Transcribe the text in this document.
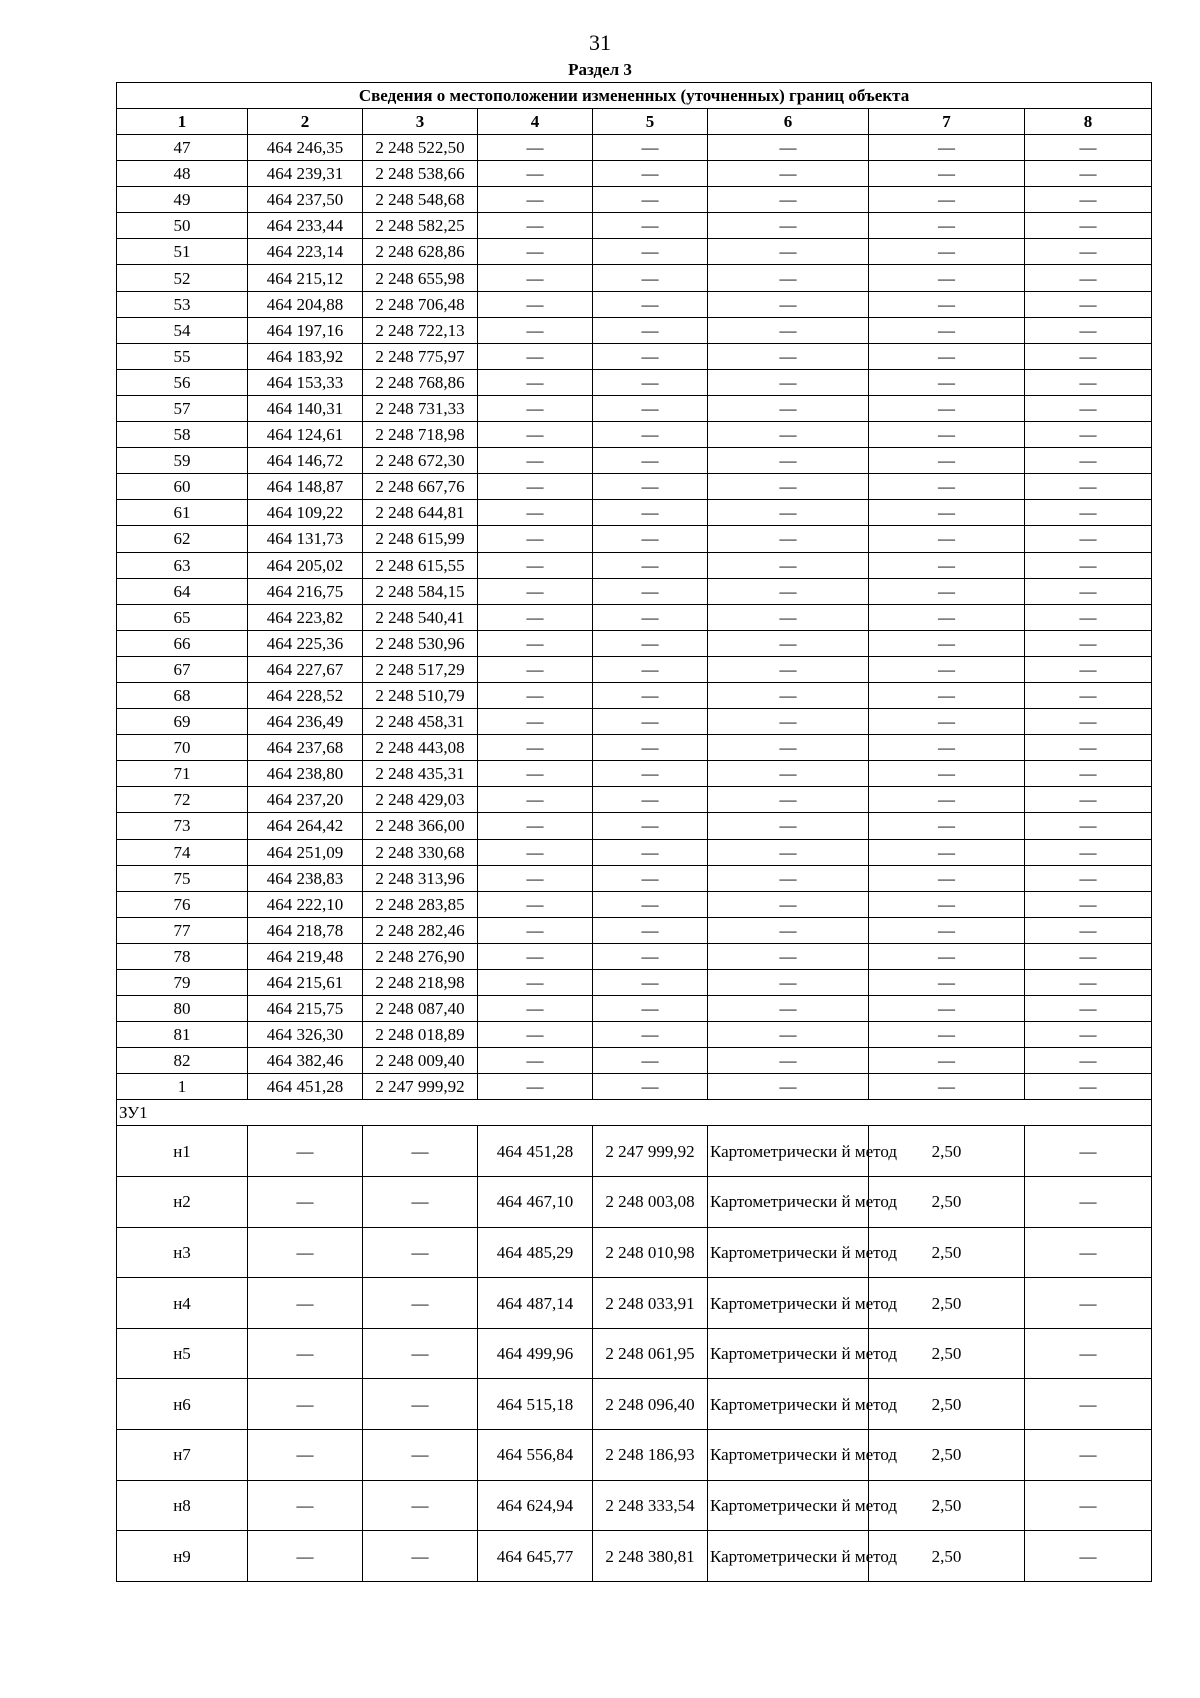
31
Раздел 3
Сведения о местоположении измененных (уточненных) границ объекта							
1	2	3	4	5	6	7	8
47	464 246,35	2 248 522,50	—	—	—	—	—
48	464 239,31	2 248 538,66	—	—	—	—	—
49	464 237,50	2 248 548,68	—	—	—	—	—
50	464 233,44	2 248 582,25	—	—	—	—	—
51	464 223,14	2 248 628,86	—	—	—	—	—
52	464 215,12	2 248 655,98	—	—	—	—	—
53	464 204,88	2 248 706,48	—	—	—	—	—
54	464 197,16	2 248 722,13	—	—	—	—	—
55	464 183,92	2 248 775,97	—	—	—	—	—
56	464 153,33	2 248 768,86	—	—	—	—	—
57	464 140,31	2 248 731,33	—	—	—	—	—
58	464 124,61	2 248 718,98	—	—	—	—	—
59	464 146,72	2 248 672,30	—	—	—	—	—
60	464 148,87	2 248 667,76	—	—	—	—	—
61	464 109,22	2 248 644,81	—	—	—	—	—
62	464 131,73	2 248 615,99	—	—	—	—	—
63	464 205,02	2 248 615,55	—	—	—	—	—
64	464 216,75	2 248 584,15	—	—	—	—	—
65	464 223,82	2 248 540,41	—	—	—	—	—
66	464 225,36	2 248 530,96	—	—	—	—	—
67	464 227,67	2 248 517,29	—	—	—	—	—
68	464 228,52	2 248 510,79	—	—	—	—	—
69	464 236,49	2 248 458,31	—	—	—	—	—
70	464 237,68	2 248 443,08	—	—	—	—	—
71	464 238,80	2 248 435,31	—	—	—	—	—
72	464 237,20	2 248 429,03	—	—	—	—	—
73	464 264,42	2 248 366,00	—	—	—	—	—
74	464 251,09	2 248 330,68	—	—	—	—	—
75	464 238,83	2 248 313,96	—	—	—	—	—
76	464 222,10	2 248 283,85	—	—	—	—	—
77	464 218,78	2 248 282,46	—	—	—	—	—
78	464 219,48	2 248 276,90	—	—	—	—	—
79	464 215,61	2 248 218,98	—	—	—	—	—
80	464 215,75	2 248 087,40	—	—	—	—	—
81	464 326,30	2 248 018,89	—	—	—	—	—
82	464 382,46	2 248 009,40	—	—	—	—	—
1	464 451,28	2 247 999,92	—	—	—	—	—
ЗУ1							
н1	—	—	464 451,28	2 247 999,92	Картометрически й метод	2,50	—
н2	—	—	464 467,10	2 248 003,08	Картометрически й метод	2,50	—
н3	—	—	464 485,29	2 248 010,98	Картометрически й метод	2,50	—
н4	—	—	464 487,14	2 248 033,91	Картометрически й метод	2,50	—
н5	—	—	464 499,96	2 248 061,95	Картометрически й метод	2,50	—
н6	—	—	464 515,18	2 248 096,40	Картометрически й метод	2,50	—
н7	—	—	464 556,84	2 248 186,93	Картометрически й метод	2,50	—
н8	—	—	464 624,94	2 248 333,54	Картометрически й метод	2,50	—
н9	—	—	464 645,77	2 248 380,81	Картометрически й метод	2,50	—
